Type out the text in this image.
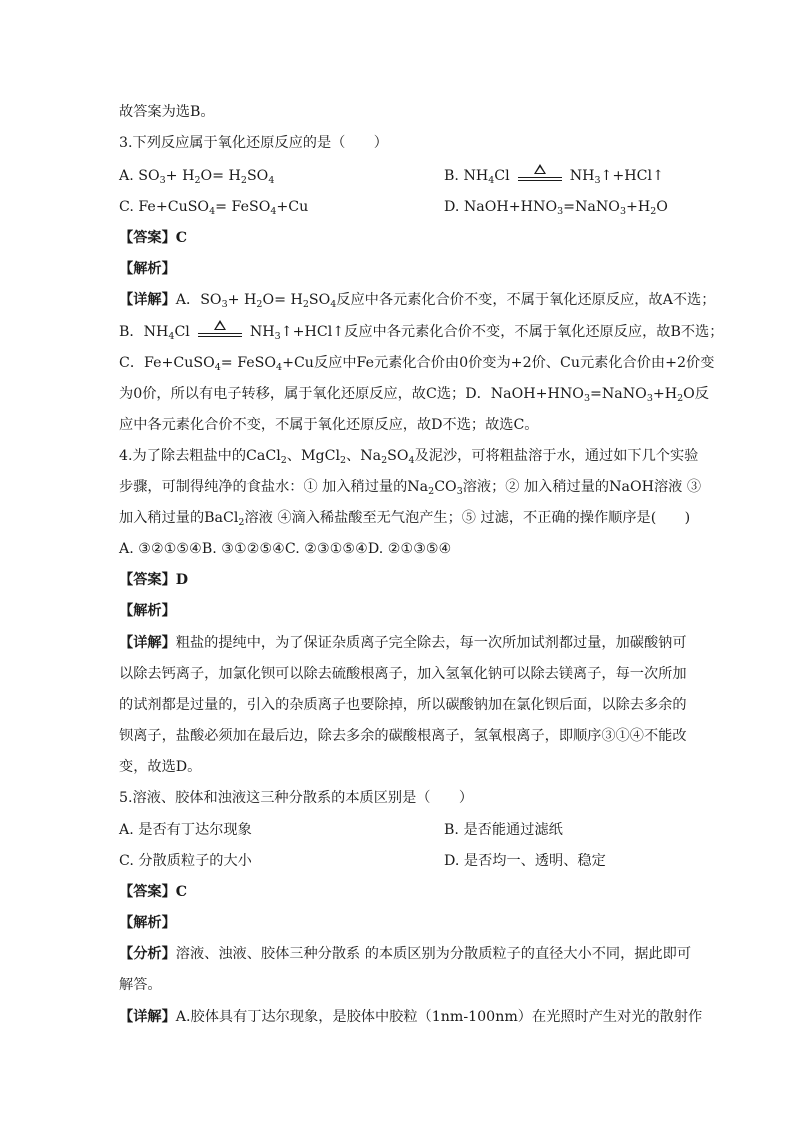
故答案为选B。
3.下列反应属于氧化还原反应的是（　　）
A. $SO_3+ H_2O= H_2SO_4$	B. $NH_4Cl$	$NH_3↑+HCl↑$
C. Fe+CuSO$_4$= FeSO$_4$+Cu	D. $NaOH+HNO_3=NaNO_3+H_2O$
【答案】C
【解析】
【详解】A．$SO_3+ H_2O= H_2SO_4$反应中各元素化合价不变，不属于氧化还原反应，故A不选；
B．$NH_4Cl$	$NH_3↑+HCl↑$反应中各元素化合价不变，不属于氧化还原反应，故B不选；
C．Fe+CuSO$_4$= FeSO$_4$+Cu反应中Fe元素化合价由0价变为+2价、Cu元素化合价由+2价变
为0价，所以有电子转移，属于氧化还原反应，故C选；D．$NaOH+HNO_3=NaNO_3+H_2O$反
应中各元素化合价不变，不属于氧化还原反应，故D不选；故选C。
4.为了除去粗盐中的CaCl$_2$、MgCl$_2$、$Na_2SO_4$及泥沙，可将粗盐溶于水，通过如下几个实验
步骤，可制得纯净的食盐水：① 加入稍过量的$Na_2CO_3$溶液；② 加入稍过量的NaOH溶液 ③
加入稍过量的BaCl$_2$溶液 ④滴入稀盐酸至无气泡产生；⑤ 过滤，不正确的操作顺序是(　　)
A. ③②①⑤④B. ③①②⑤④C. ②③①⑤④D. ②①③⑤④
【答案】D
【解析】
【详解】粗盐的提纯中，为了保证杂质离子完全除去，每一次所加试剂都过量，加碳酸钠可
以除去钙离子，加氯化钡可以除去硫酸根离子，加入氢氧化钠可以除去镁离子，每一次所加
的试剂都是过量的，引入的杂质离子也要除掉，所以碳酸钠加在氯化钡后面，以除去多余的
钡离子，盐酸必须加在最后边，除去多余的碳酸根离子，氢氧根离子，即顺序③①④不能改
变，故选D。
5.溶液、胶体和浊液这三种分散系的本质区别是（　　）
A. 是否有丁达尔现象	B. 是否能通过滤纸
C. 分散质粒子的大小	D. 是否均一、透明、稳定
【答案】C
【解析】
【分析】溶液、浊液、胶体三种分散系 的本质区别为分散质粒子的直径大小不同，据此即可
解答。
【详解】A.胶体具有丁达尔现象，是胶体中胶粒（1nm-100nm）在光照时产生对光的散射作
